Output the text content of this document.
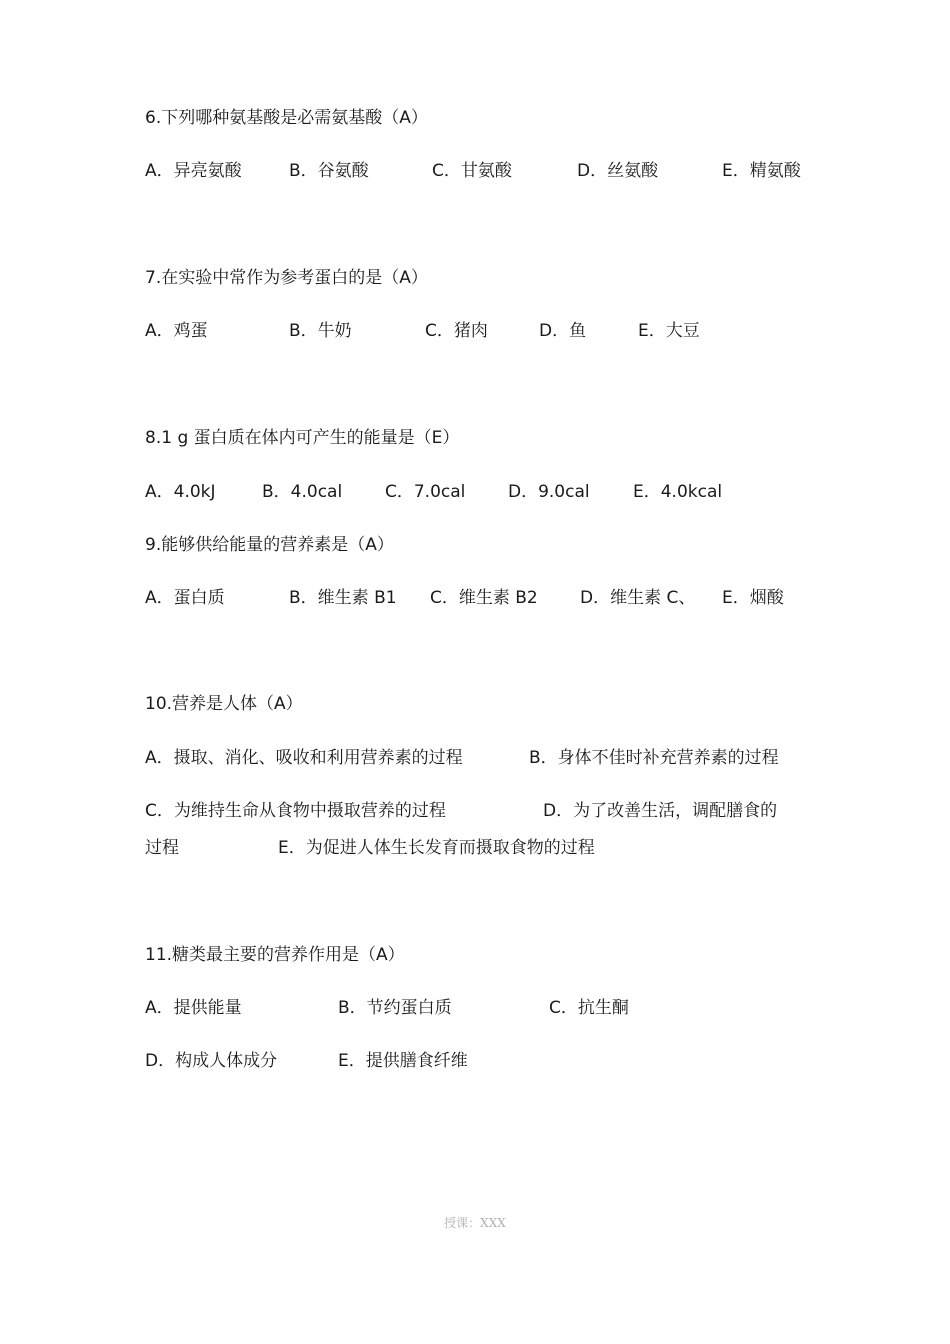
6.下列哪种氨基酸是必需氨基酸（A）
A．异亮氨酸	B．谷氨酸	C．甘氨酸	D．丝氨酸	E．精氨酸
7.在实验中常作为参考蛋白的是（A）
A．鸡蛋	B．牛奶	C．猪肉	D．鱼	E．大豆
8.1 g 蛋白质在体内可产生的能量是（E）
A．4.0kJ	B．4.0cal	C．7.0cal	D．9.0cal	E．4.0kcal
9.能够供给能量的营养素是（A）
A．蛋白质	B．维生素 B1 C．维生素 B2 D．维生素 C、 E．烟酸
10.营养是人体（A）
A．摄取、消化、吸收和利用营养素的过程	B．身体不佳时补充营养素的过程
C．为维持生命从食物中摄取营养的过程	D．为了改善生活，调配膳食的
过程	E．为促进人体生长发育而摄取食物的过程
11.糖类最主要的营养作用是（A）
A．提供能量	B．节约蛋白质	C．抗生酮
D．构成人体成分	E．提供膳食纤维
授课：XXX
